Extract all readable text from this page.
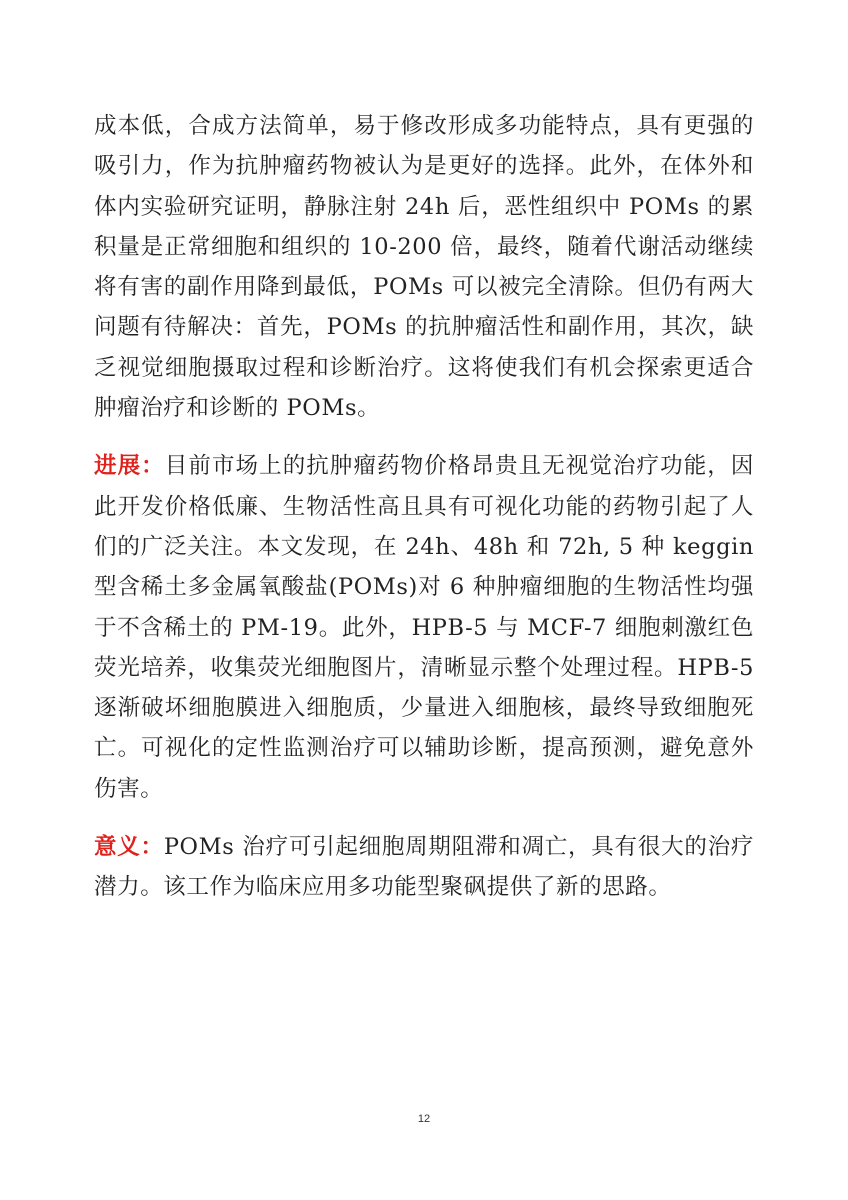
成本低，合成方法简单，易于修改形成多功能特点，具有更强的吸引力，作为抗肿瘤药物被认为是更好的选择。此外，在体外和体内实验研究证明，静脉注射 24h 后，恶性组织中 POMs 的累积量是正常细胞和组织的 10-200 倍，最终，随着代谢活动继续将有害的副作用降到最低，POMs 可以被完全清除。但仍有两大问题有待解决：首先，POMs 的抗肿瘤活性和副作用，其次，缺乏视觉细胞摄取过程和诊断治疗。这将使我们有机会探索更适合肿瘤治疗和诊断的 POMs。

进展：目前市场上的抗肿瘤药物价格昂贵且无视觉治疗功能，因此开发价格低廉、生物活性高且具有可视化功能的药物引起了人们的广泛关注。本文发现，在 24h、48h 和 72h, 5 种 keggin 型含稀土多金属氧酸盐(POMs)对 6 种肿瘤细胞的生物活性均强于不含稀土的 PM-19。此外，HPB-5 与 MCF-7 细胞刺激红色荧光培养，收集荧光细胞图片，清晰显示整个处理过程。HPB-5 逐渐破坏细胞膜进入细胞质，少量进入细胞核，最终导致细胞死亡。可视化的定性监测治疗可以辅助诊断，提高预测，避免意外伤害。

意义：POMs 治疗可引起细胞周期阻滞和凋亡，具有很大的治疗潜力。该工作为临床应用多功能型聚砜提供了新的思路。

12
